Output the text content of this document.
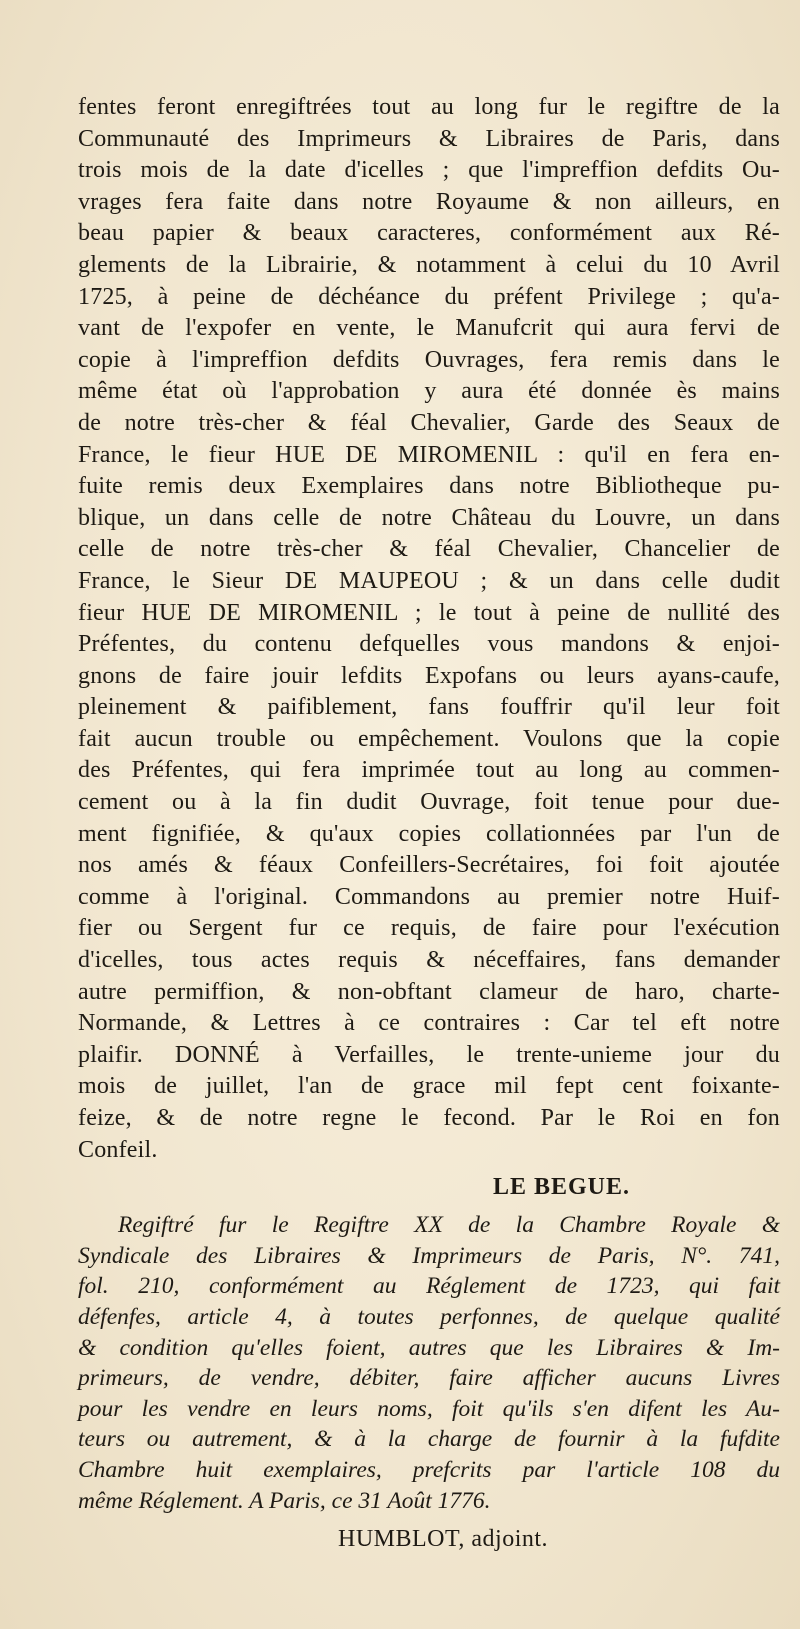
fentes feront enregiftrées tout au long fur le regiftre de la
Communauté des Imprimeurs & Libraires de Paris, dans
trois mois de la date d'icelles ; que l'impreffion defdits Ou-
vrages fera faite dans notre Royaume & non ailleurs, en
beau papier & beaux caracteres, conformément aux Ré-
glements de la Librairie, & notamment à celui du 10 Avril
1725, à peine de déchéance du préfent Privilege ; qu'a-
vant de l'expofer en vente, le Manufcrit qui aura fervi de
copie à l'impreffion defdits Ouvrages, fera remis dans le
même état où l'approbation y aura été donnée ès mains
de notre très-cher & féal Chevalier, Garde des Seaux de
France, le fieur HUE DE MIROMENIL : qu'il en fera en-
fuite remis deux Exemplaires dans notre Bibliotheque pu-
blique, un dans celle de notre Château du Louvre, un dans
celle de notre très-cher & féal Chevalier, Chancelier de
France, le Sieur DE MAUPEOU ; & un dans celle dudit
fieur HUE DE MIROMENIL ; le tout à peine de nullité des
Préfentes, du contenu defquelles vous mandons & enjoi-
gnons de faire jouir lefdits Expofans ou leurs ayans-caufe,
pleinement & paifiblement, fans fouffrir qu'il leur foit
fait aucun trouble ou empêchement. Voulons que la copie
des Préfentes, qui fera imprimée tout au long au commen-
cement ou à la fin dudit Ouvrage, foit tenue pour due-
ment fignifiée, & qu'aux copies collationnées par l'un de
nos amés & féaux Confeillers-Secrétaires, foi foit ajoutée
comme à l'original. Commandons au premier notre Huif-
fier ou Sergent fur ce requis, de faire pour l'exécution
d'icelles, tous actes requis & néceffaires, fans demander
autre permiffion, & non-obftant clameur de haro, charte-
Normande, & Lettres à ce contraires : Car tel eft notre
plaifir. DONNÉ à Verfailles, le trente-unieme jour du
mois de juillet, l'an de grace mil fept cent foixante-
feize, & de notre regne le fecond. Par le Roi en fon
Confeil.
LE BEGUE.
Regiftré fur le Regiftre XX de la Chambre Royale &
Syndicale des Libraires & Imprimeurs de Paris, N°. 741,
fol. 210, conformément au Réglement de 1723, qui fait
défenfes, article 4, à toutes perfonnes, de quelque qualité
& condition qu'elles foient, autres que les Libraires & Im-
primeurs, de vendre, débiter, faire afficher aucuns Livres
pour les vendre en leurs noms, foit qu'ils s'en difent les Au-
teurs ou autrement, & à la charge de fournir à la fufdite
Chambre huit exemplaires, prefcrits par l'article 108 du
même Réglement. A Paris, ce 31 Août 1776.
HUMBLOT, adjoint.
